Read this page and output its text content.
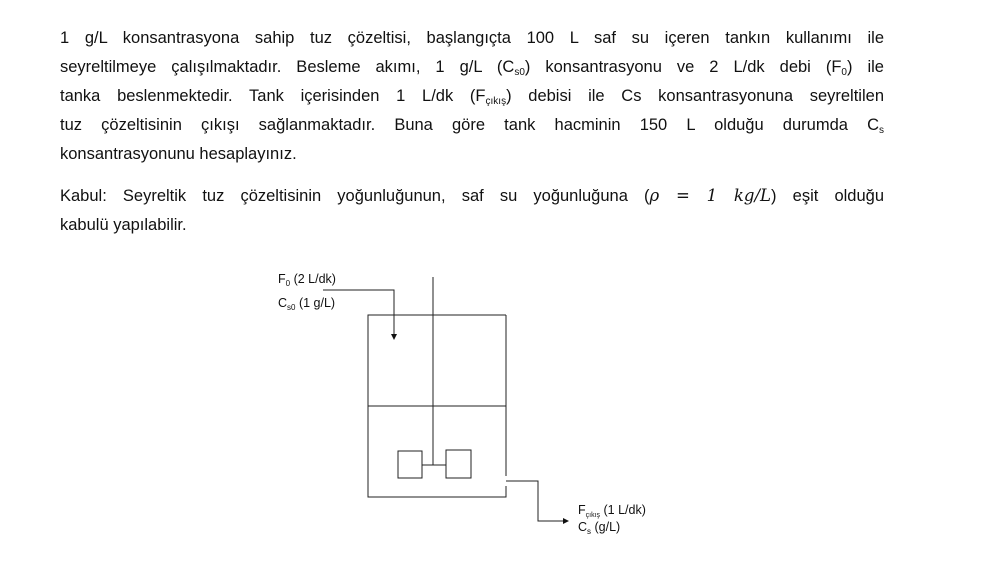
1 g/L konsantrasyona sahip tuz çözeltisi, başlangıçta 100 L saf su içeren tankın kullanımı ile
seyreltilmeye çalışılmaktadır. Besleme akımı, 1 g/L $(C_{s0})$ konsantrasyonu ve 2 L/dk debi $(F_0)$ ile
tanka beslenmektedir. Tank içerisinden 1 L/dk $(F_{çıkış})$ debisi ile Cs konsantrasyonuna seyreltilen
tuz çözeltisinin çıkışı sağlanmaktadır. Buna göre tank hacminin 150 L olduğu durumda $C_s$
konsantrasyonunu hesaplayınız.
Kabul: Seyreltik tuz çözeltisinin yoğunluğunun, saf su yoğunluğuna (ρ = 1 kg/L) eşit olduğu
kabulü yapılabilir.
$F_0$ (2 L/dk)
$C_{s0}$ (1 g/L)
$F_{çıkış}$ (1 L/dk)
$C_s$ (g/L)
